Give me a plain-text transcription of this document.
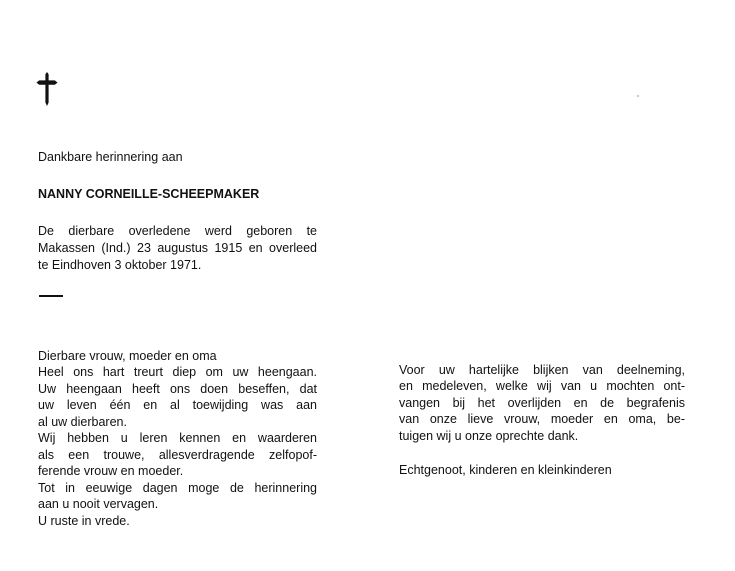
Dankbare herinnering aan
NANNY CORNEILLE-SCHEEPMAKER
De dierbare overledene werd geboren te
Makassen (Ind.) 23 augustus 1915 en overleed
te Eindhoven 3 oktober 1971.
Dierbare vrouw, moeder en oma
Heel ons hart treurt diep om uw heengaan.
Uw heengaan heeft ons doen beseffen, dat
uw leven één en al toewijding was aan
al uw dierbaren.
Wij hebben u leren kennen en waarderen
als een trouwe, allesverdragende zelfopof-
ferende vrouw en moeder.
Tot in eeuwige dagen moge de herinnering
aan u nooit vervagen.
U ruste in vrede.
Voor uw hartelijke blijken van deelneming,
en medeleven, welke wij van u mochten ont-
vangen bij het overlijden en de begrafenis
van onze lieve vrouw, moeder en oma, be-
tuigen wij u onze oprechte dank.
Echtgenoot, kinderen en kleinkinderen
